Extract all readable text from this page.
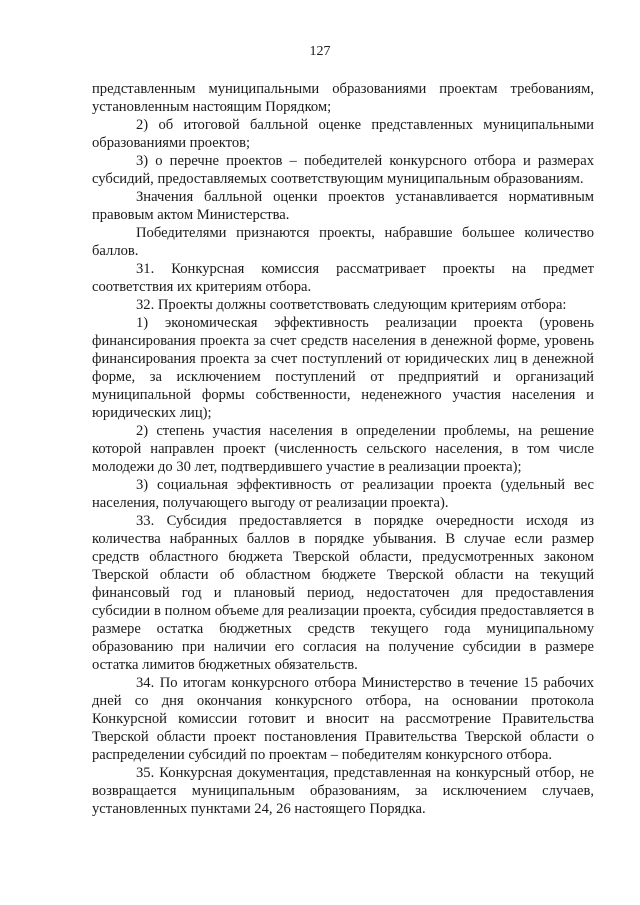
127

представленным муниципальными образованиями проектам требованиям, установленным настоящим Порядком;

2) об итоговой балльной оценке представленных муниципальными образованиями проектов;

3) о перечне проектов – победителей конкурсного отбора и размерах субсидий, предоставляемых соответствующим муниципальным образованиям.

Значения балльной оценки проектов устанавливается нормативным правовым актом Министерства.

Победителями признаются проекты, набравшие большее количество баллов.

31. Конкурсная комиссия рассматривает проекты на предмет соответствия их критериям отбора.

32. Проекты должны соответствовать следующим критериям отбора:

1) экономическая эффективность реализации проекта (уровень финансирования проекта за счет средств населения в денежной форме, уровень финансирования проекта за счет поступлений от юридических лиц в денежной форме, за исключением поступлений от предприятий и организаций муниципальной формы собственности, неденежного участия населения и юридических лиц);

2) степень участия населения в определении проблемы, на решение которой направлен проект (численность сельского населения, в том числе молодежи до 30 лет, подтвердившего участие в реализации проекта);

3) социальная эффективность от реализации проекта (удельный вес населения, получающего выгоду от реализации проекта).

33. Субсидия предоставляется в порядке очередности исходя из количества набранных баллов в порядке убывания. В случае если размер средств областного бюджета Тверской области, предусмотренных законом Тверской области об областном бюджете Тверской области на текущий финансовый год и плановый период, недостаточен для предоставления субсидии в полном объеме для реализации проекта, субсидия предоставляется в размере остатка бюджетных средств текущего года муниципальному образованию при наличии его согласия на получение субсидии в размере остатка лимитов бюджетных обязательств.

34. По итогам конкурсного отбора Министерство в течение 15 рабочих дней со дня окончания конкурсного отбора, на основании протокола Конкурсной комиссии готовит и вносит на рассмотрение Правительства Тверской области проект постановления Правительства Тверской области о распределении субсидий по проектам – победителям конкурсного отбора.

35. Конкурсная документация, представленная на конкурсный отбор, не возвращается муниципальным образованиям, за исключением случаев, установленных пунктами 24, 26 настоящего Порядка.
